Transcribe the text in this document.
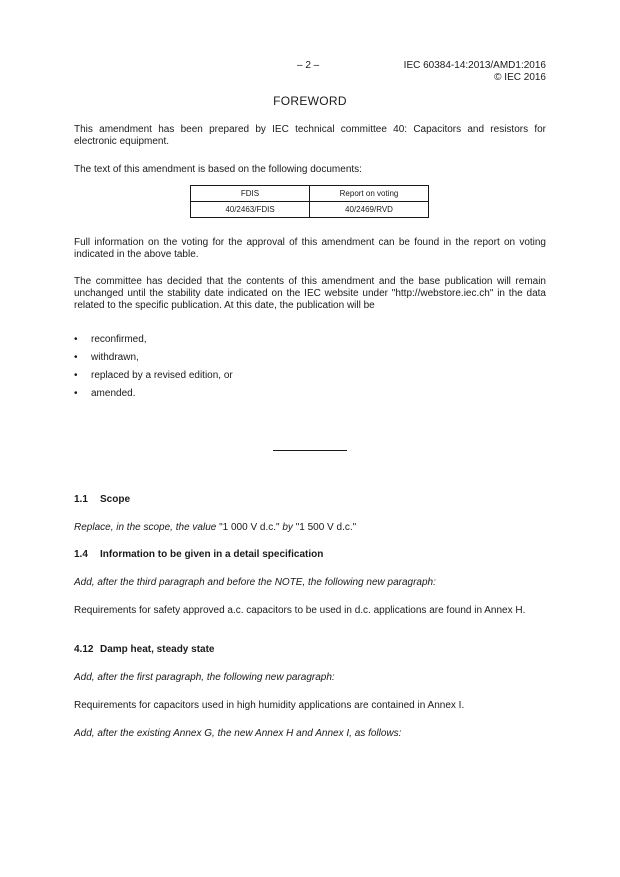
– 2 –	IEC 60384-14:2013/AMD1:2016
© IEC 2016
FOREWORD
This amendment has been prepared by IEC technical committee 40: Capacitors and resistors for electronic equipment.
The text of this amendment is based on the following documents:
FDIS	Report on voting
40/2463/FDIS	40/2469/RVD
Full information on the voting for the approval of this amendment can be found in the report on voting indicated in the above table.
The committee has decided that the contents of this amendment and the base publication will remain unchanged until the stability date indicated on the IEC website under "http://webstore.iec.ch" in the data related to the specific publication. At this date, the publication will be
• reconfirmed,
• withdrawn,
• replaced by a revised edition, or
• amended.
1.1 Scope
Replace, in the scope, the value "1 000 V d.c." by "1 500 V d.c."
1.4 Information to be given in a detail specification
Add, after the third paragraph and before the NOTE, the following new paragraph:
Requirements for safety approved a.c. capacitors to be used in d.c. applications are found in Annex H.
4.12 Damp heat, steady state
Add, after the first paragraph, the following new paragraph:
Requirements for capacitors used in high humidity applications are contained in Annex I.
Add, after the existing Annex G, the new Annex H and Annex I, as follows:
